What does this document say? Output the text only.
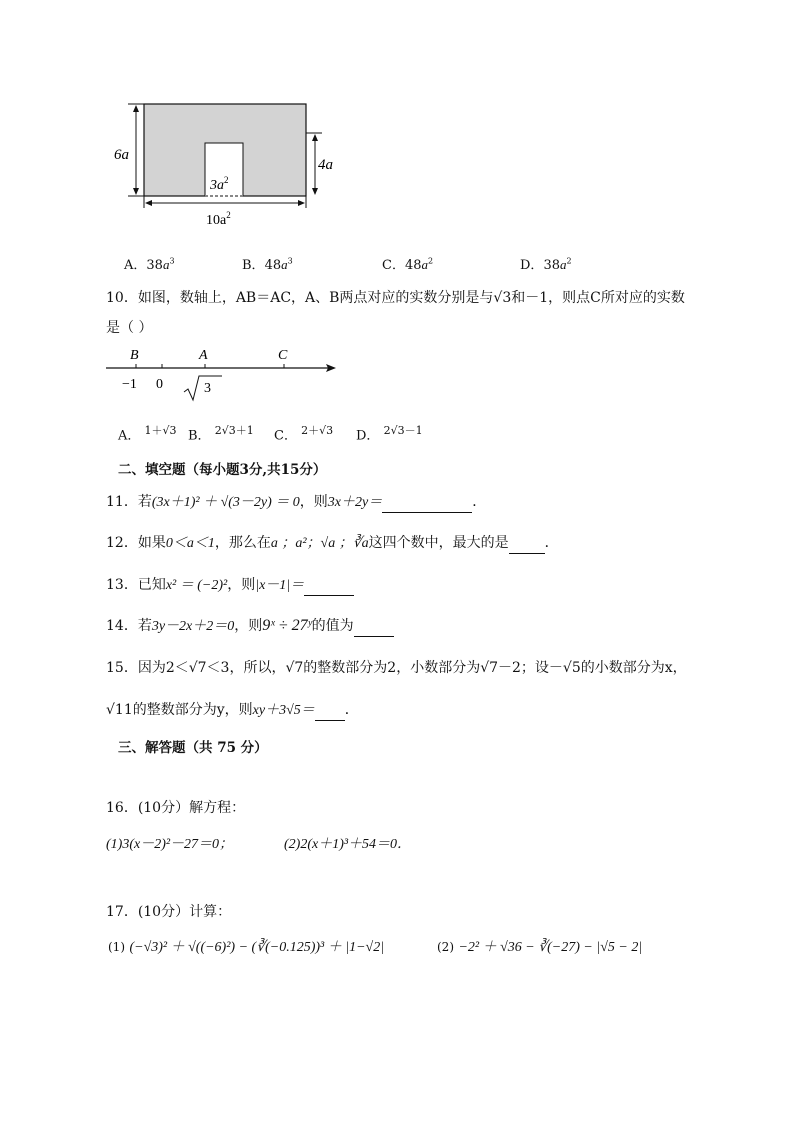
6a
4a
$3a^2$
$10a^2$
A．$38a^3$	B．$48a^3$	C．$48a^2$	D．$38a^2$
10．如图，数轴上，AB＝AC，A、B两点对应的实数分别是与√3和－1，则点C所对应的实数
是（ ）
B	A	C
−1 0	3
A． $^{1+√3}$ B． $^{2√3+1}$ C． $^{2+√3}$ D． $^{2√3-1}$
二、填空题（每小题3分,共15分）
11．若(3x＋1)² ＋ √(3－2y) ＝ 0，则3x＋2y＝	．
12．如果0＜a＜1，那么在a ；a²；√a ；∛a这四个数中，最大的是	．
13．已知x² ＝ (−2)²，则|x－1|＝
14．若3y－2x＋2＝0，则9ˣ ÷ 27ʸ的值为
15．因为2＜√7＜3，所以，√7的整数部分为2，小数部分为√7－2；设－√5的小数部分为x，
√11的整数部分为y，则xy＋3√5＝ ．
三、解答题（共 75 分）
16．(10分）解方程：
(1)3(x－2)²－27＝0；	(2)2(x＋1)³＋54＝0．
17．(10分）计算：
(1) (−√3)² ＋ √((−6)²) − (∛(−0.125))³ ＋ |1−√2|	(2) −2² ＋ √36 − ∛(−27) − |√5 − 2|
